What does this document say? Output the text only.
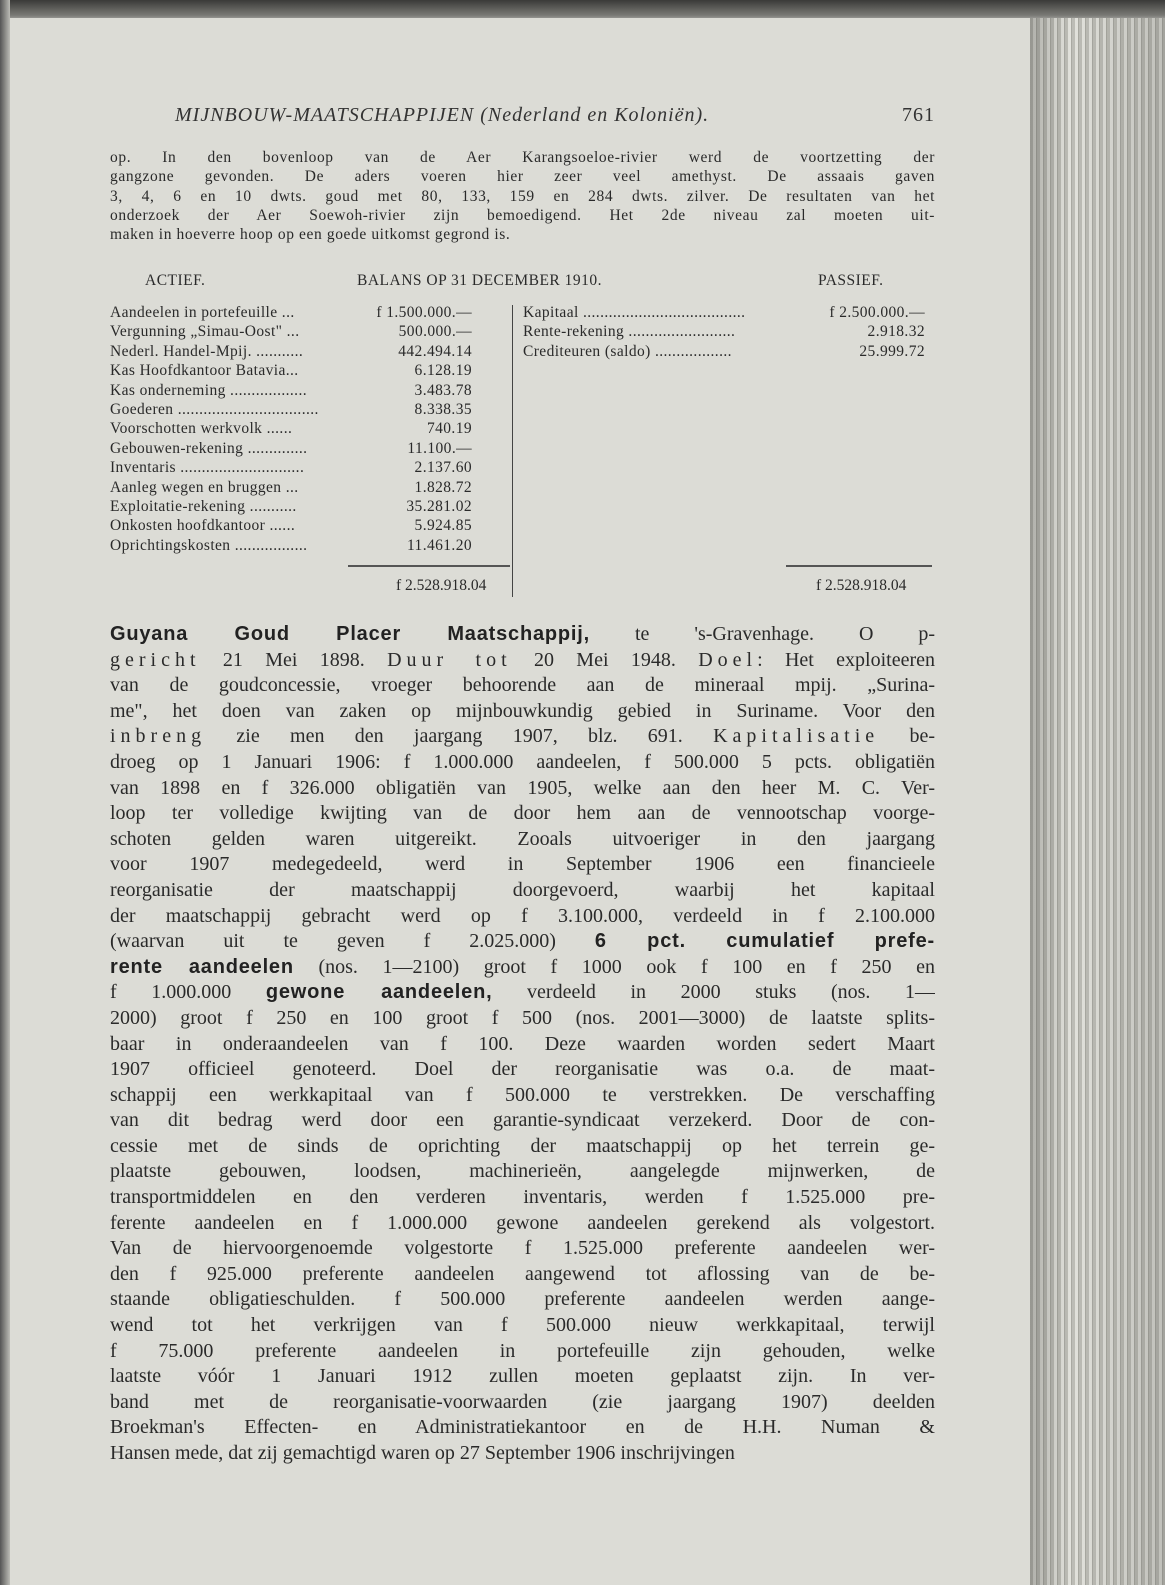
MIJNBOUW-MAATSCHAPPIJEN (Nederland en Koloniën).	761
op. In den bovenloop van de Aer Karangsoeloe-rivier werd de voortzetting der
gangzone gevonden. De aders voeren hier zeer veel amethyst. De assaais gaven
3, 4, 6 en 10 dwts. goud met 80, 133, 159 en 284 dwts. zilver. De resultaten van het
onderzoek der Aer Soewoh-rivier zijn bemoedigend. Het 2de niveau zal moeten uit-
maken in hoeverre hoop op een goede uitkomst gegrond is.
ACTIEF.	BALANS OP 31 DECEMBER 1910.	PASSIEF.
Aandeelen in portefeuille ...	f 1.500.000.—
Vergunning „Simau-Oost" ...	500.000.—
Nederl. Handel-Mpij. ...........	442.494.14
Kas Hoofdkantoor Batavia...	6.128.19
Kas onderneming ..................	3.483.78
Goederen .................................	8.338.35
Voorschotten werkvolk ......	740.19
Gebouwen-rekening ..............	11.100.—
Inventaris .............................	2.137.60
Aanleg wegen en bruggen ...	1.828.72
Exploitatie-rekening ...........	35.281.02
Onkosten hoofdkantoor ......	5.924.85
Oprichtingskosten .................	11.461.20
Kapitaal ......................................	f 2.500.000.—
Rente-rekening .........................	2.918.32
Crediteuren (saldo) ..................	25.999.72
f 2.528.918.04	f 2.528.918.04
Guyana Goud Placer Maatschappij, te 's-Gravenhage. O p-
gericht 21 Mei 1898. Duur tot 20 Mei 1948. Doel: Het exploiteeren
van de goudconcessie, vroeger behoorende aan de mineraal mpij. „Surina-
me", het doen van zaken op mijnbouwkundig gebied in Suriname. Voor den
inbreng zie men den jaargang 1907, blz. 691. Kapitalisatie be-
droeg op 1 Januari 1906: f 1.000.000 aandeelen, f 500.000 5 pcts. obligatiën
van 1898 en f 326.000 obligatiën van 1905, welke aan den heer M. C. Ver-
loop ter volledige kwijting van de door hem aan de vennootschap voorge-
schoten gelden waren uitgereikt. Zooals uitvoeriger in den jaargang
voor 1907 medegedeeld, werd in September 1906 een financieele
reorganisatie der maatschappij doorgevoerd, waarbij het kapitaal
der maatschappij gebracht werd op f 3.100.000, verdeeld in f 2.100.000
(waarvan uit te geven f 2.025.000) 6 pct. cumulatief prefe-
rente aandeelen (nos. 1—2100) groot f 1000 ook f 100 en f 250 en
f 1.000.000 gewone aandeelen, verdeeld in 2000 stuks (nos. 1—
2000) groot f 250 en 100 groot f 500 (nos. 2001—3000) de laatste splits-
baar in onderaandeelen van f 100. Deze waarden worden sedert Maart
1907 officieel genoteerd. Doel der reorganisatie was o.a. de maat-
schappij een werkkapitaal van f 500.000 te verstrekken. De verschaffing
van dit bedrag werd door een garantie-syndicaat verzekerd. Door de con-
cessie met de sinds de oprichting der maatschappij op het terrein ge-
plaatste gebouwen, loodsen, machinerieën, aangelegde mijnwerken, de
transportmiddelen en den verderen inventaris, werden f 1.525.000 pre-
ferente aandeelen en f 1.000.000 gewone aandeelen gerekend als volgestort.
Van de hiervoorgenoemde volgestorte f 1.525.000 preferente aandeelen wer-
den f 925.000 preferente aandeelen aangewend tot aflossing van de be-
staande obligatieschulden. f 500.000 preferente aandeelen werden aange-
wend tot het verkrijgen van f 500.000 nieuw werkkapitaal, terwijl
f 75.000 preferente aandeelen in portefeuille zijn gehouden, welke
laatste vóór 1 Januari 1912 zullen moeten geplaatst zijn. In ver-
band met de reorganisatie-voorwaarden (zie jaargang 1907) deelden
Broekman's Effecten- en Administratiekantoor en de H.H. Numan &
Hansen mede, dat zij gemachtigd waren op 27 September 1906 inschrijvingen
